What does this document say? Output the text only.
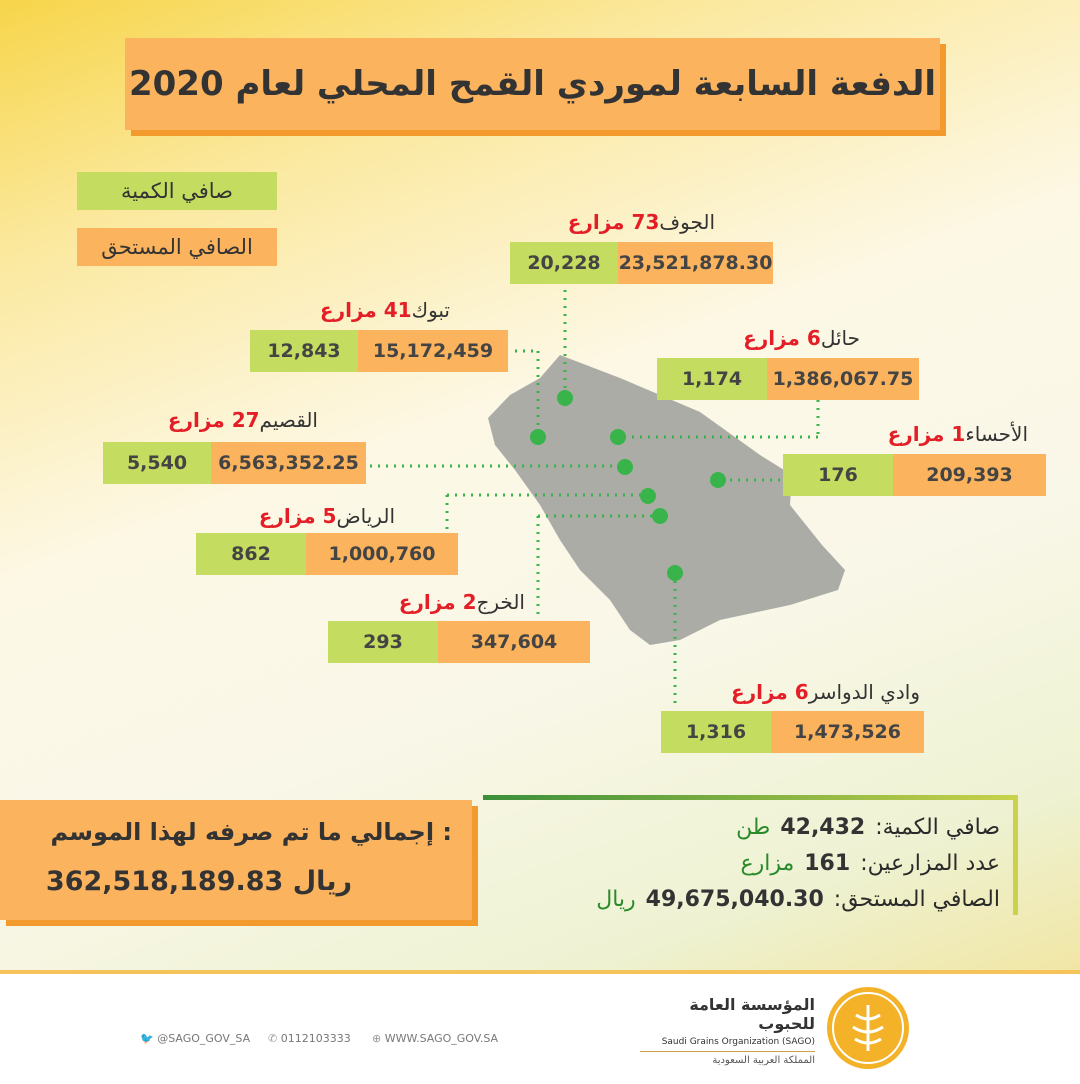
الدفعة السابعة لموردي القمح المحلي لعام 2020
صافي الكمية
الصافي المستحق
الجوف73 مزارع
20,228 23,521,878.30
تبوك41 مزارع
12,843	15,172,459
حائل6 مزارع
1,174	1,386,067.75
القصيم27 مزارع
5,540	6,563,352.25
الأحساء1 مزارع
176	209,393
الرياض5 مزارع
862	1,000,760
الخرج2 مزارع
293	347,604
وادي الدواسر6 مزارع
1,316	1,473,526
إجمالي ما تم صرفه لهذا الموسم :
362,518,189.83 ريال
صافي الكمية:42,432طن
عدد المزارعين:161مزارع
الصافي المستحق:49,675,040.30ريال
🐦 @SAGO_GOV_SA ✆ 0112103333 ⊕ WWW.SAGO_GOV.SA
المؤسسة العامة للحبوب
Saudi Grains Organization (SAGO)
المملكة العربية السعودية
